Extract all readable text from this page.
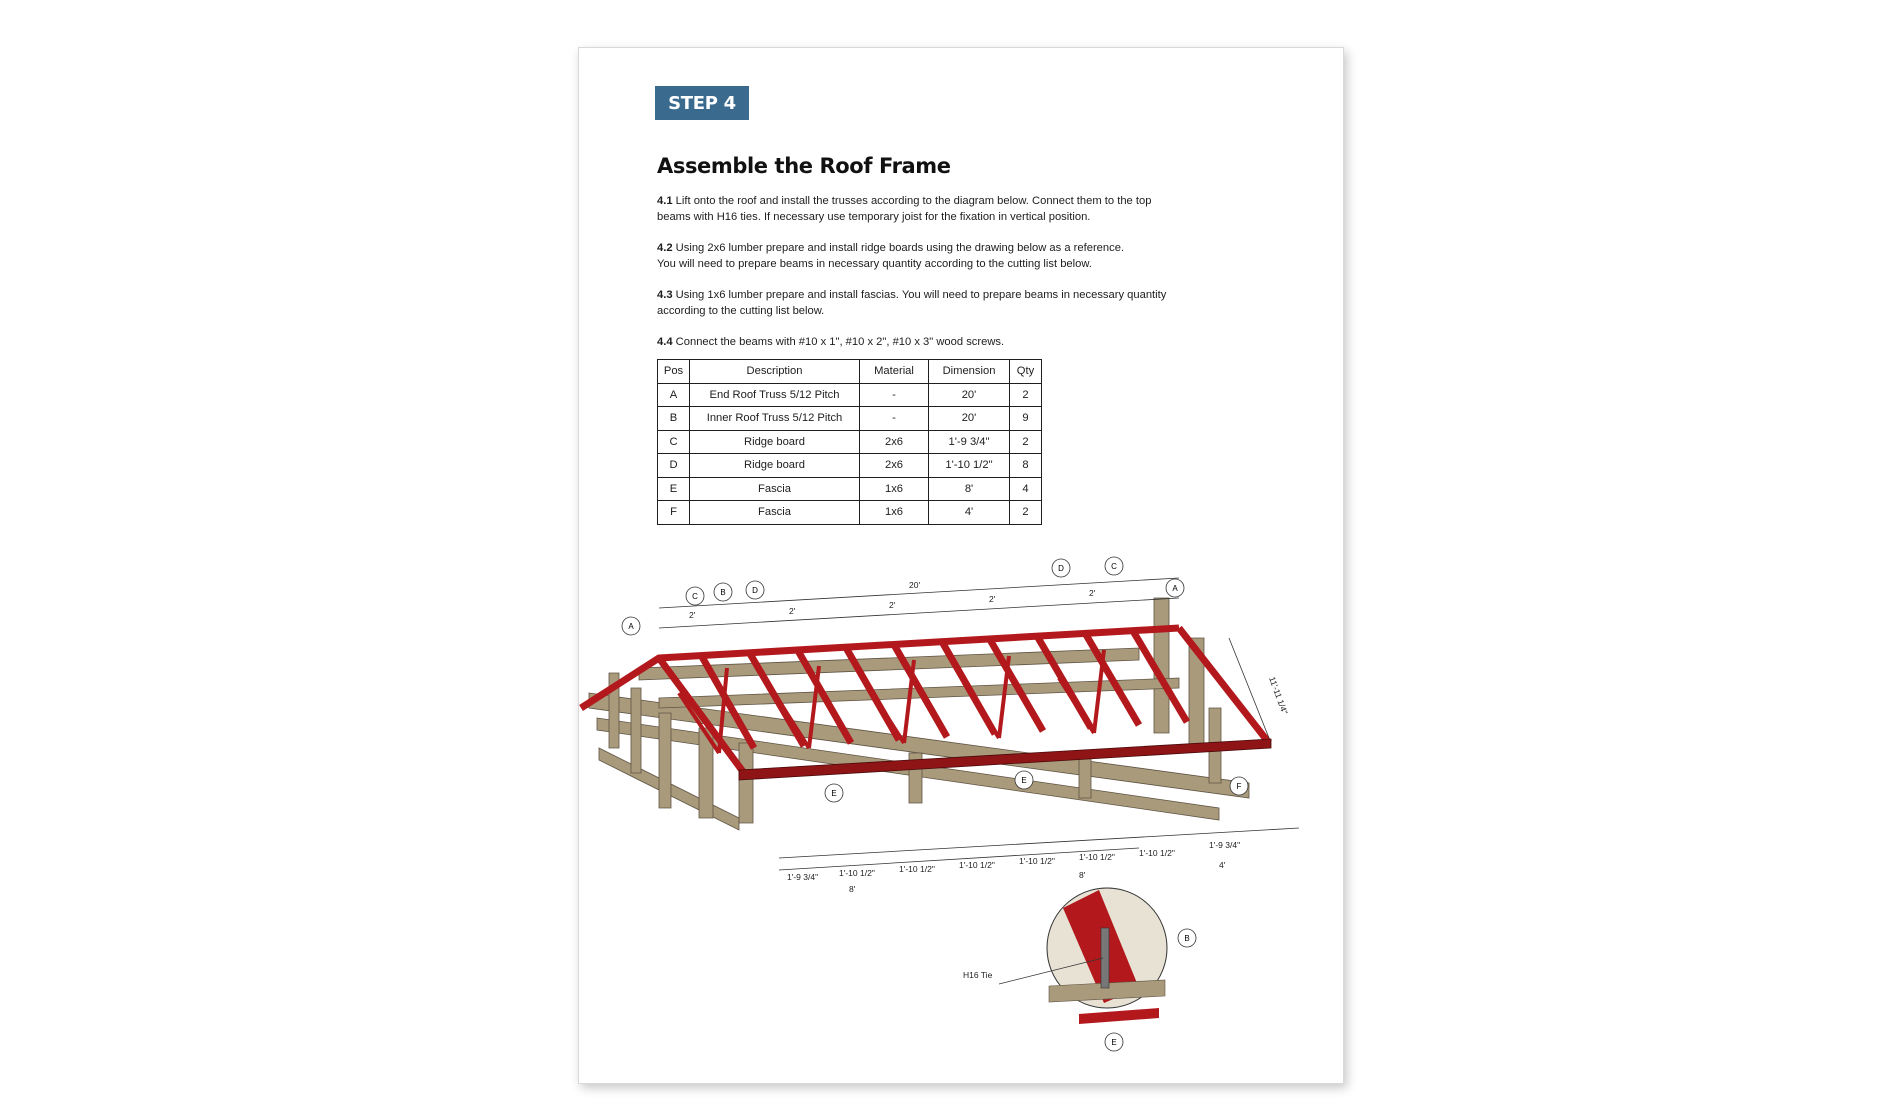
STEP 4
Assemble the Roof Frame

4.1 Lift onto the roof and install the trusses according to the diagram below. Connect them to the top
beams with H16 ties. If necessary use temporary joist for the fixation in vertical position.

4.2 Using 2x6 lumber prepare and install ridge boards using the drawing below as a reference.
You will need to prepare beams in necessary quantity according to the cutting list below.

4.3 Using 1x6 lumber prepare and install fascias. You will need to prepare beams in necessary quantity
according to the cutting list below.

4.4 Connect the beams with #10 x 1", #10 x 2", #10 x 3" wood screws.

Pos	Description	Material	Dimension	Qty
A	End Roof Truss 5/12 Pitch	-	20'	2
B	Inner Roof Truss 5/12 Pitch	-	20'	9
C	Ridge board	2x6	1'-9 3/4"	2
D	Ridge board	2x6	1'-10 1/2"	8
E	Fascia	1x6	8'	4
F	Fascia	1x6	4'	2
20'
2'	2'
2'
2'
2'
1'-9 3/4" 1'-10 1/2"	1'-10 1/2"	1'-10 1/2"	1'-10 1/2"	1'-10 1/2"	1'-10 1/2"
1'-9 3/4"
8'
8'
4'
11'-11 1/4"
A
C	B	D
D	C
A
E
E
F
H16 Tie
B
E
